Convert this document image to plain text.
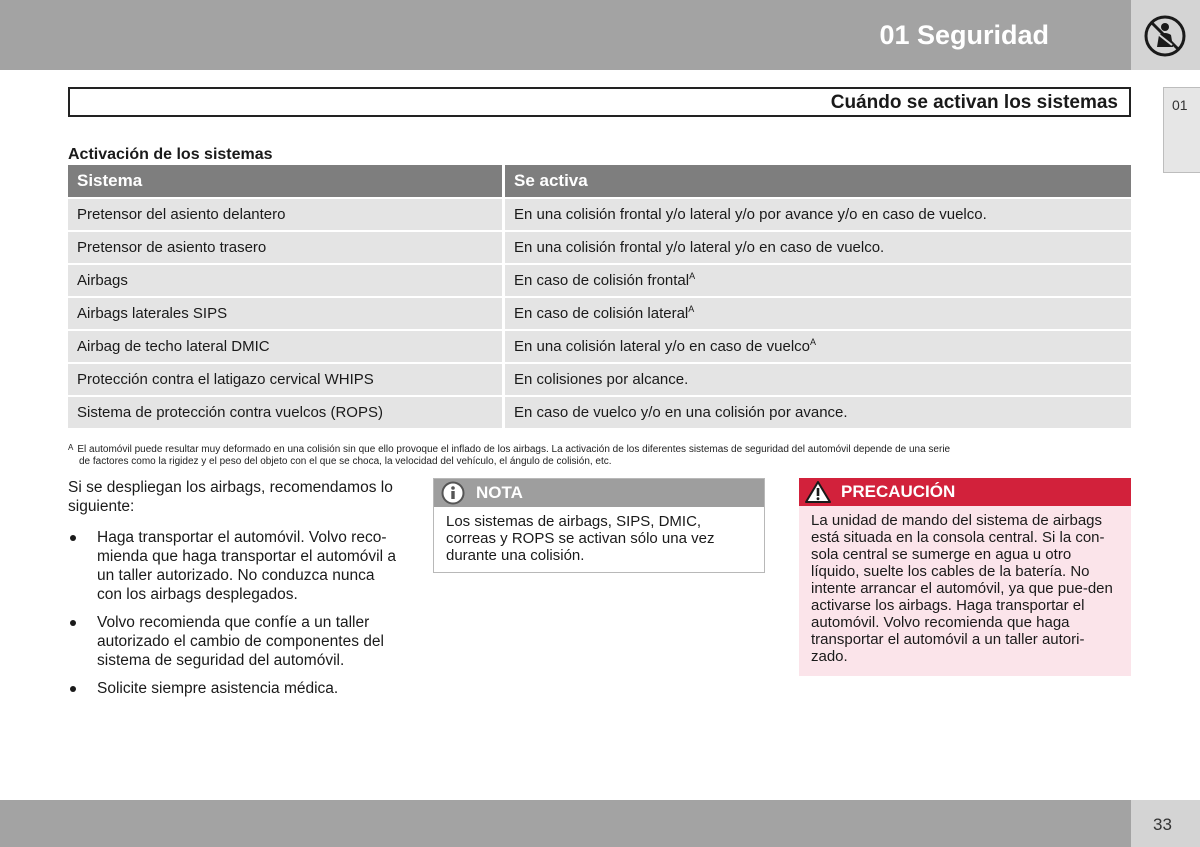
01 Seguridad
01
Cuándo se activan los sistemas
Activación de los sistemas
Sistema	Se activa
Pretensor del asiento delantero	En una colisión frontal y/o lateral y/o por avance y/o en caso de vuelco.
Pretensor de asiento trasero	En una colisión frontal y/o lateral y/o en caso de vuelco.
Airbags	En caso de colisión frontal$^A$
Airbags laterales SIPS	En caso de colisión lateral$^A$
Airbag de techo lateral DMIC	En una colisión lateral y/o en caso de vuelco$^A$
Protección contra el latigazo cervical WHIPS	En colisiones por alcance.
Sistema de protección contra vuelcos (ROPS)	En caso de vuelco y/o en una colisión por avance.
$^A$ El automóvil puede resultar muy deformado en una colisión sin que ello provoque el inflado de los airbags. La activación de los diferentes sistemas de seguridad del automóvil depende de una serie
de factores como la rigidez y el peso del objeto con el que se choca, la velocidad del vehículo, el ángulo de colisión, etc.

Si se despliegan los airbags, recomendamos lo siguiente:

Haga transportar el automóvil. Volvo reco-mienda que haga transportar el automóvil a un taller autorizado. No conduzca nunca con los airbags desplegados.
Volvo recomienda que confíe a un taller autorizado el cambio de componentes del sistema de seguridad del automóvil.
Solicite siempre asistencia médica.
NOTA
Los sistemas de airbags, SIPS, DMIC, correas y ROPS se activan sólo una vez durante una colisión.
PRECAUCIÓN
La unidad de mando del sistema de airbags está situada en la consola central. Si la con-sola central se sumerge en agua u otro líquido, suelte los cables de la batería. No intente arrancar el automóvil, ya que pue-den activarse los airbags. Haga transportar el automóvil. Volvo recomienda que haga transportar el automóvil a un taller autori-zado.
33
